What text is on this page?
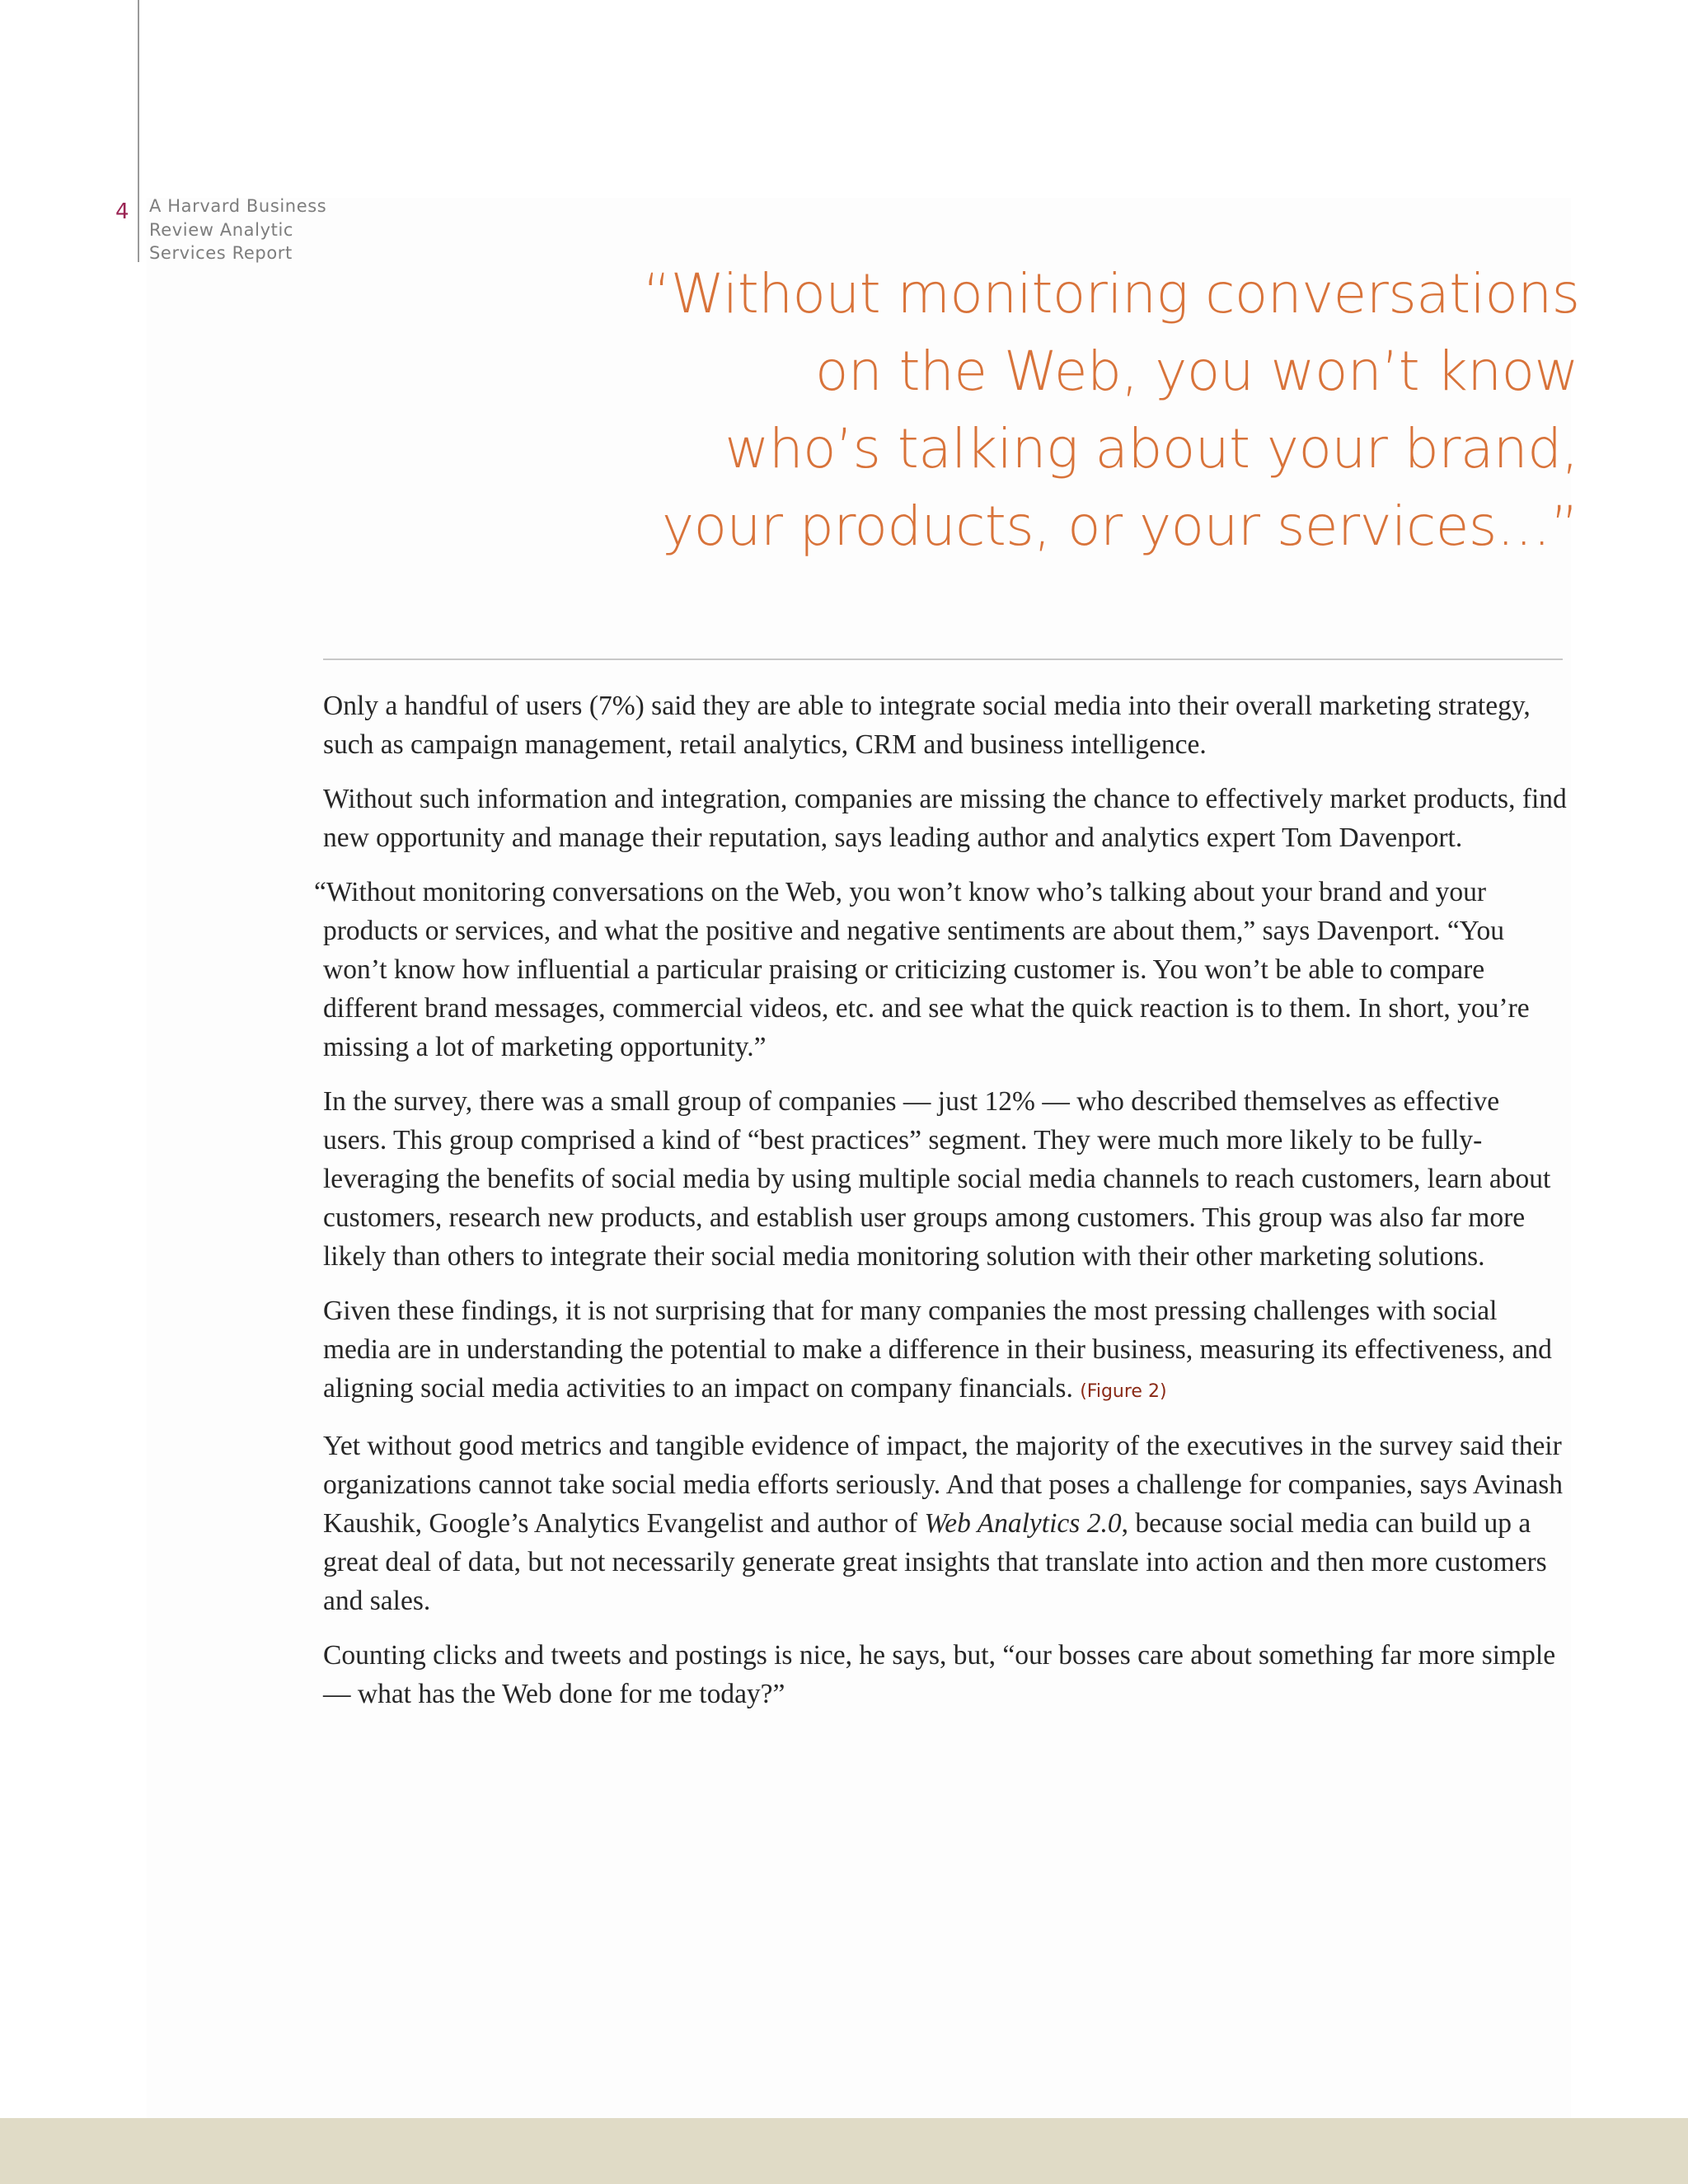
4 A Harvard Business Review Analytic Services Report
“Without monitoring conversations
on the Web, you won’t know
who’s talking about your brand,
your products, or your services…”

Only a handful of users (7%) said they are able to integrate social media into their overall marketing strategy, such as campaign management, retail analytics, CRM and business intelligence.

Without such information and integration, companies are missing the chance to effectively market products, find new opportunity and manage their reputation, says leading author and analytics expert Tom Davenport.

“Without monitoring conversations on the Web, you won’t know who’s talking about your brand and your products or services, and what the positive and negative sentiments are about them,” says Davenport. “You won’t know how influential a particular praising or criticizing customer is. You won’t be able to compare different brand messages, commercial videos, etc. and see what the quick reaction is to them. In short, you’re missing a lot of marketing opportunity.”

In the survey, there was a small group of companies — just 12% — who described themselves as effective users. This group comprised a kind of “best practices” segment. They were much more likely to be fully-leveraging the benefits of social media by using multiple social media channels to reach customers, learn about customers, research new products, and establish user groups among customers. This group was also far more likely than others to integrate their social media monitoring solution with their other marketing solutions.

Given these findings, it is not surprising that for many companies the most pressing challenges with social media are in understanding the potential to make a difference in their business, measuring its effectiveness, and aligning social media activities to an impact on company financials. (Figure 2)

Yet without good metrics and tangible evidence of impact, the majority of the executives in the survey said their organizations cannot take social media efforts seriously. And that poses a challenge for companies, says Avinash Kaushik, Google’s Analytics Evangelist and author of Web Analytics 2.0, because social media can build up a great deal of data, but not necessarily generate great insights that translate into action and then more customers and sales.

Counting clicks and tweets and postings is nice, he says, but, “our bosses care about something far more simple — what has the Web done for me today?”
